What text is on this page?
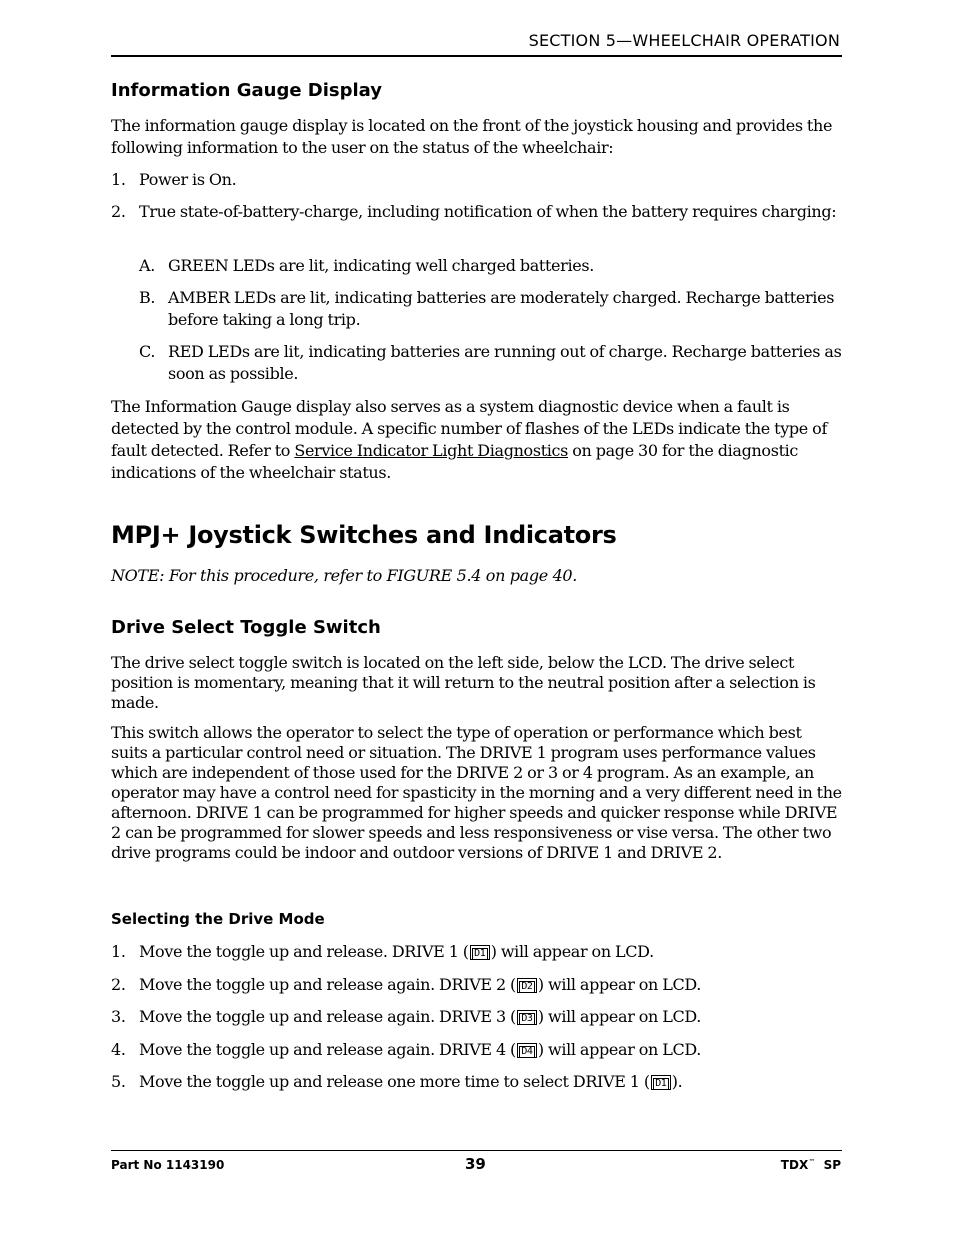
SECTION 5—WHEELCHAIR OPERATION
Information Gauge Display
The information gauge display is located on the front of the joystick housing and provides the following information to the user on the status of the wheelchair:
1. Power is On.
2. True state-of-battery-charge, including notification of when the battery requires charging:
A. GREEN LEDs are lit, indicating well charged batteries.
B. AMBER LEDs are lit, indicating batteries are moderately charged. Recharge batteries before taking a long trip.
C. RED LEDs are lit, indicating batteries are running out of charge. Recharge batteries as soon as possible.
The Information Gauge display also serves as a system diagnostic device when a fault is detected by the control module. A specific number of flashes of the LEDs indicate the type of fault detected. Refer to Service Indicator Light Diagnostics on page 30 for the diagnostic indications of the wheelchair status.
MPJ+ Joystick Switches and Indicators
NOTE: For this procedure, refer to FIGURE 5.4 on page 40.
Drive Select Toggle Switch
The drive select toggle switch is located on the left side, below the LCD. The drive select position is momentary, meaning that it will return to the neutral position after a selection is made.
This switch allows the operator to select the type of operation or performance which best suits a particular control need or situation. The DRIVE 1 program uses performance values which are independent of those used for the DRIVE 2 or 3 or 4 program. As an example, an operator may have a control need for spasticity in the morning and a very different need in the afternoon. DRIVE 1 can be programmed for higher speeds and quicker response while DRIVE 2 can be programmed for slower speeds and less responsiveness or vise versa. The other two drive programs could be indoor and outdoor versions of DRIVE 1 and DRIVE 2.
Selecting the Drive Mode
1. Move the toggle up and release. DRIVE 1 ( D1 ) will appear on LCD.
2. Move the toggle up and release again. DRIVE 2 ( D2 ) will appear on LCD.
3. Move the toggle up and release again. DRIVE 3 ( D3 ) will appear on LCD.
4. Move the toggle up and release again. DRIVE 4 ( D4 ) will appear on LCD.
5. Move the toggle up and release one more time to select DRIVE 1 ( D1 ).
Part No 1143190	39	TDX™ SP
